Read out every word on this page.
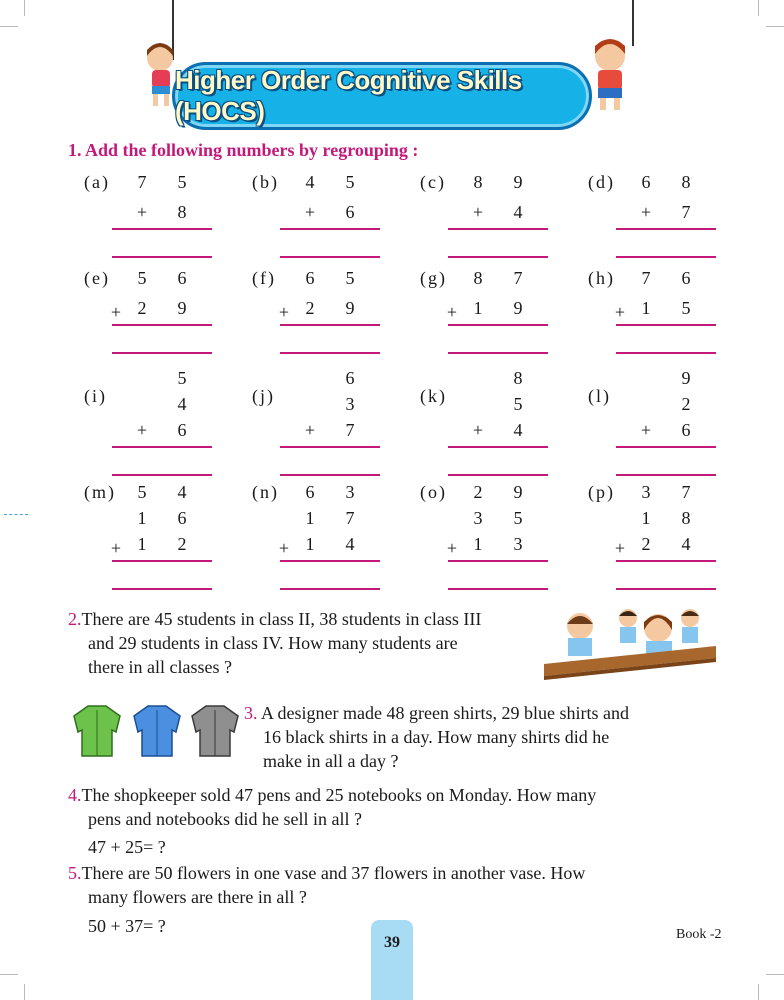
Higher Order Cognitive Skills (HOCS)
1. Add the following numbers by regrouping :
(a) 7 5
8
+
(b) 4 5
6
+
(c) 8 9
4
+
(d) 6 8
7
+
(e) 5 6
2 9
+
(f) 6 5
2 9
+
(g) 8 7
1 9
+
(h) 7 6
1 5
+
(i)
5
4
6
+
(j)
6
3
7
+
(k)
8
5
4
+
(l)
9
2
6
+
(m) 5 4
1 6
1 2
+
(n) 6 3
1 7
1 4
+
(o) 2 9
3 5
1 3
+
(p) 3 7
1 8
2 4
+
2.There are 45 students in class II, 38 students in class III
and 29 students in class IV. How many students are
there in all classes ?
3. A designer made 48 green shirts, 29 blue shirts and
16 black shirts in a day. How many shirts did he
make in all a day ?
4.The shopkeeper sold 47 pens and 25 notebooks on Monday. How many
pens and notebooks did he sell in all ?
47 + 25= ?
5.There are 50 flowers in one vase and 37 flowers in another vase. How
many flowers are there in all ?
50 + 37= ?
39	Book -2
